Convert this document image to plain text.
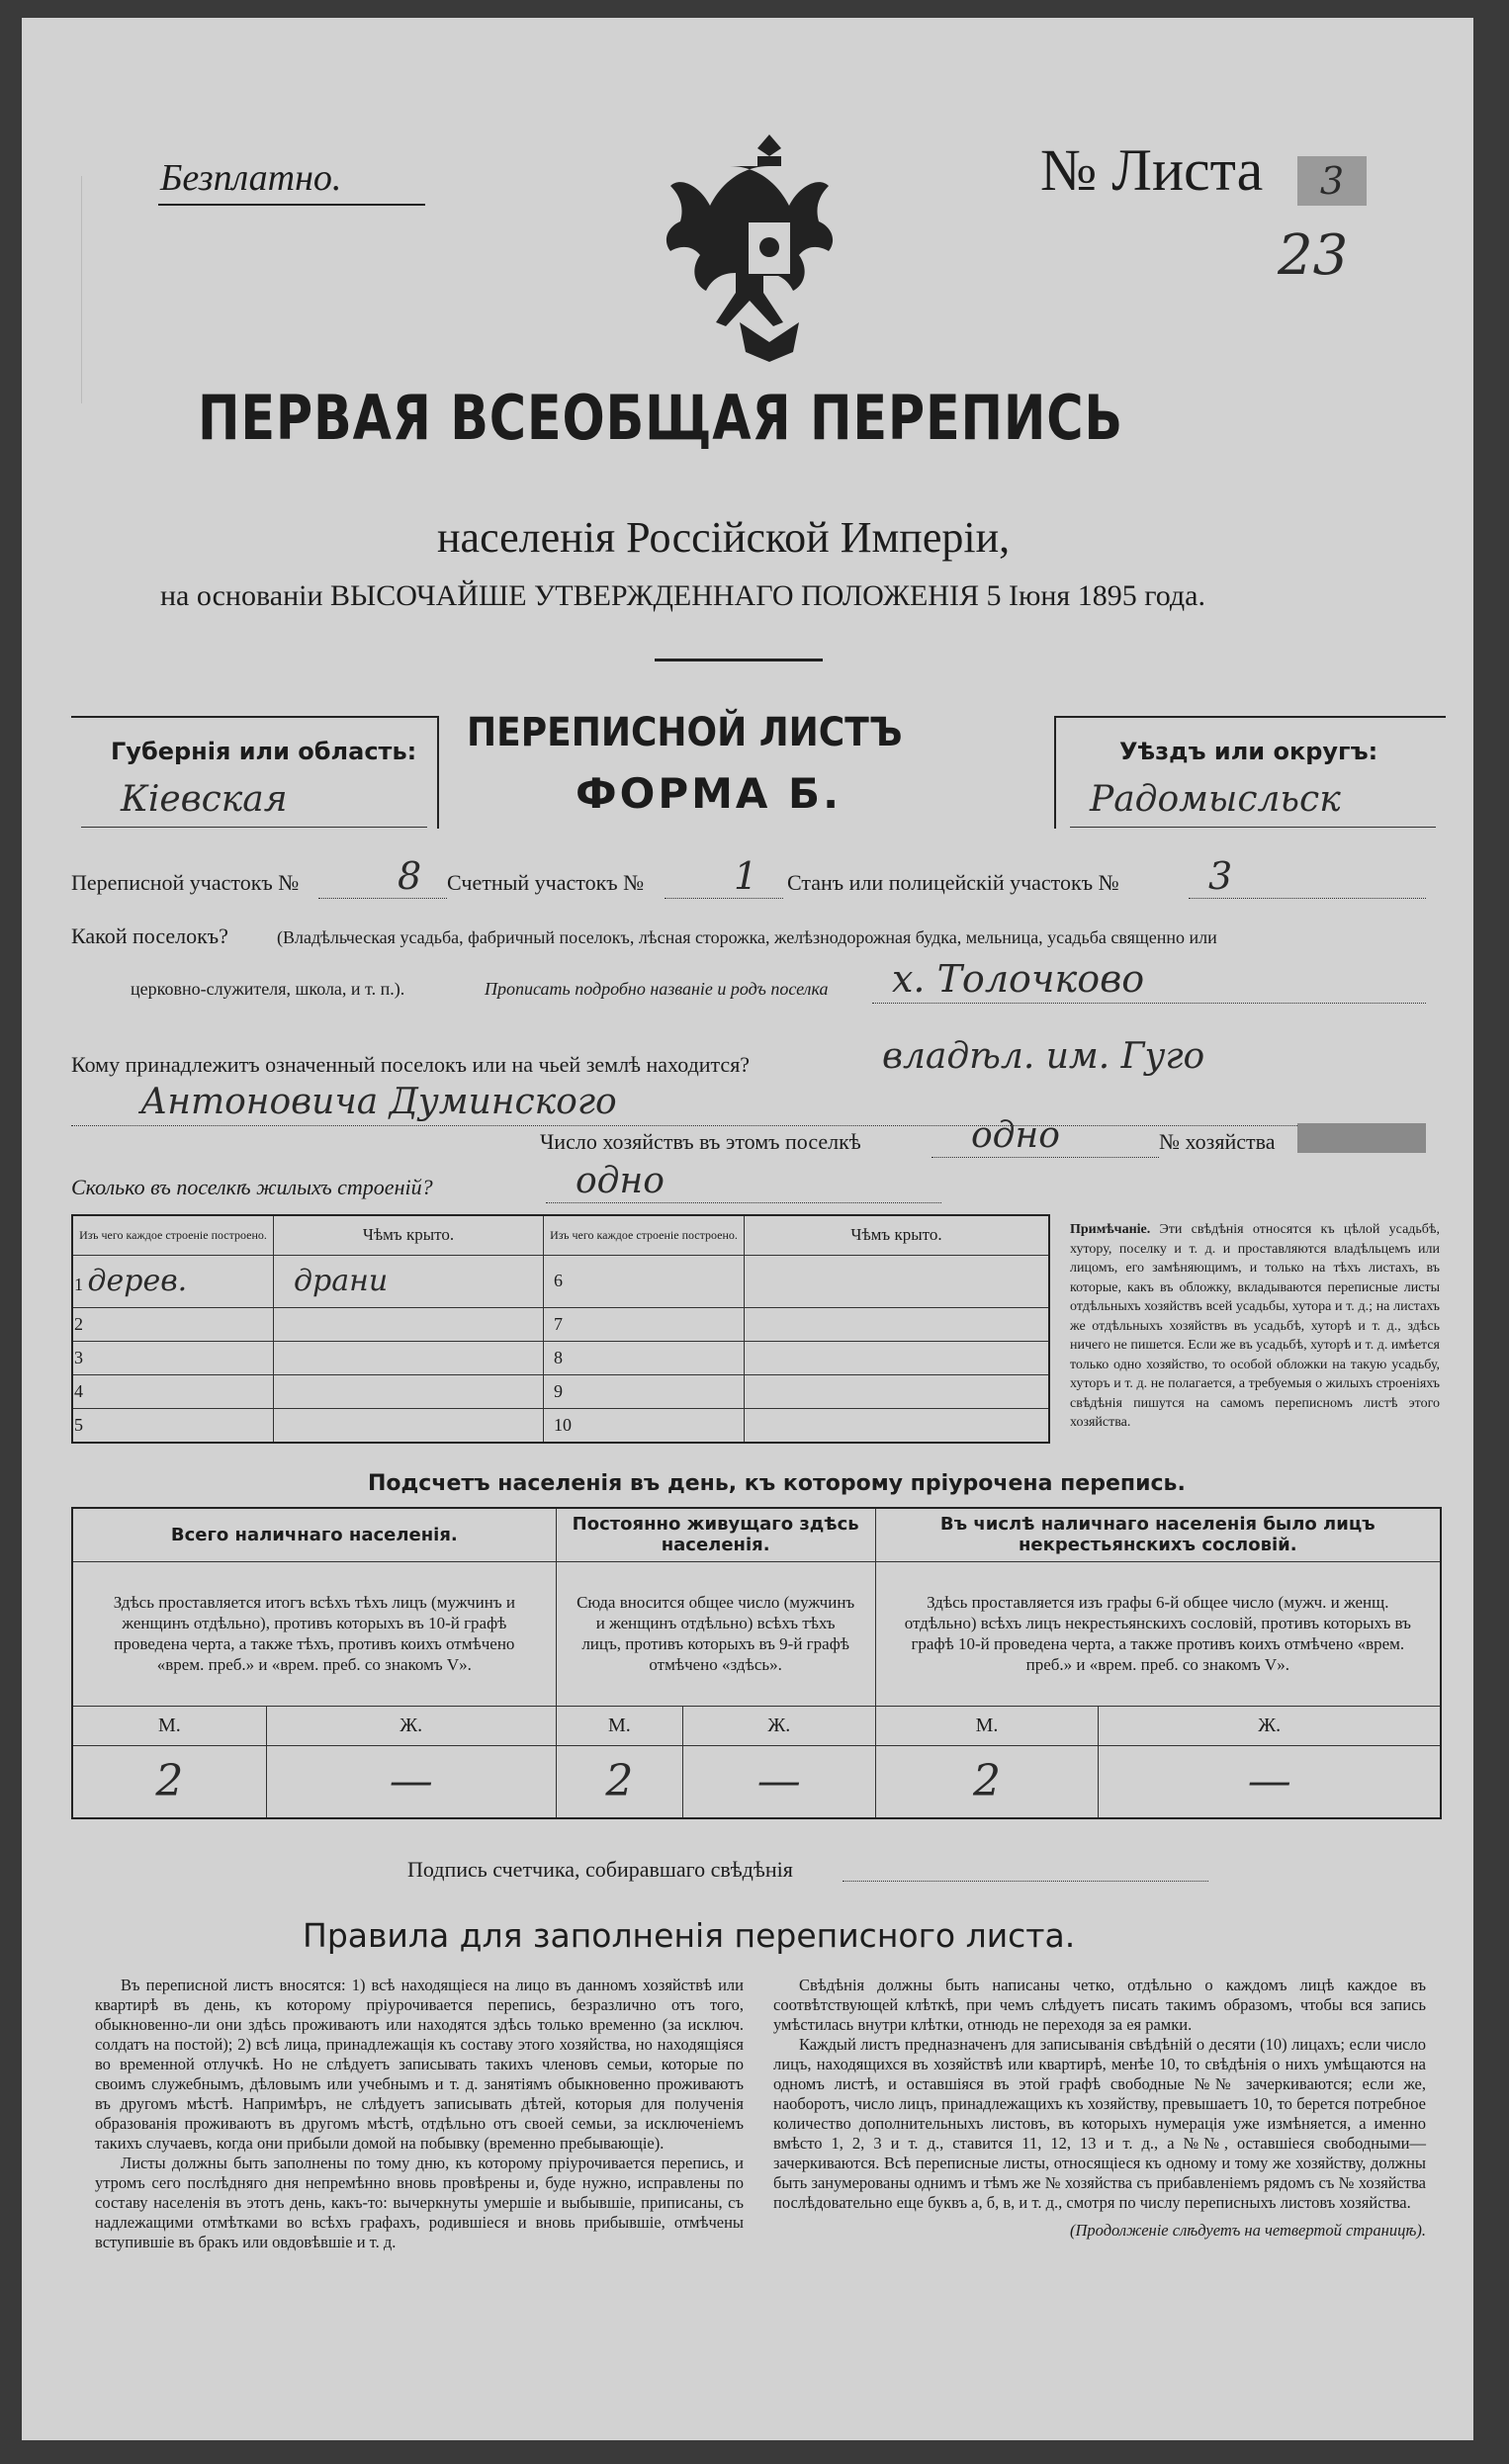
Безплатно.	№ Листа	3
23
ПЕРВАЯ ВСЕОБЩАЯ ПЕРЕПИСЬ
населенія Россійской Имперіи,
на основаніи ВЫСОЧАЙШЕ УТВЕРЖДЕННАГО ПОЛОЖЕНІЯ 5 Іюня 1895 года.
Губернія или область:
Кіевская
ПЕРЕПИСНОЙ ЛИСТЪ
ФОРМА Б.
Уѣздъ или округъ:
Радомысльск
Переписной участокъ №	8 Счетный участокъ № 1 Станъ или полицейскій участокъ № 3
Какой поселокъ?	(Владѣльческая усадьба, фабричный поселокъ, лѣсная сторожка, желѣзнодорожная будка, мельница, усадьба священно или
церковно-служителя, школа, и т. п.).	Прописать подробно названіе и родъ поселка х. Толочково
Кому принадлежитъ означенный поселокъ или на чьей землѣ находится?	владѣл. им. Гуго
Антоновича Думинского
Число хозяйствъ въ этомъ поселкѣ	одно	№ хозяйства
Сколько въ поселкѣ жилыхъ строеній?	одно
Изъ чего каждое строеніе построено.	Чѣмъ крыто.	Изъ чего каждое строеніе построено.	Чѣмъ крыто.
1 дерев.	драни	6	
2		7	
3		8	
4		9	
5		10	
Примѣчаніе. Эти свѣдѣнія относятся къ цѣлой усадьбѣ, хутору, поселку и т. д. и проставляются владѣльцемъ или лицомъ, его замѣняющимъ, и только на тѣхъ листахъ, въ которые, какъ въ обложку, вкладываются переписные листы отдѣльныхъ хозяйствъ всей усадьбы, хутора и т. д.; на листахъ же отдѣльныхъ хозяйствъ въ усадьбѣ, хуторѣ и т. д., здѣсь ничего не пишется. Если же въ усадьбѣ, хуторѣ и т. д. имѣется только одно хозяйство, то особой обложки на такую усадьбу, хуторъ и т. д. не полагается, а требуемыя о жилыхъ строеніяхъ свѣдѣнія пишутся на самомъ переписномъ листѣ этого хозяйства.
Подсчетъ населенія въ день, къ которому пріурочена перепись.
Всего наличнаго населенія.		Постоянно живущаго здѣсь населенія.		Въ числѣ наличнаго населенія было лицъ некрестьянскихъ сословій.	
Здѣсь проставляется итогъ всѣхъ тѣхъ лицъ (мужчинъ и женщинъ отдѣльно), противъ которыхъ въ 10-й графѣ проведена черта, а также тѣхъ, противъ коихъ отмѣчено «врем. преб.» и «врем. преб. со знакомъ V».		Сюда вносится общее число (мужчинъ и женщинъ отдѣльно) всѣхъ тѣхъ лицъ, противъ которыхъ въ 9-й графѣ отмѣчено «здѣсь».		Здѣсь проставляется изъ графы 6-й общее число (мужч. и женщ. отдѣльно) всѣхъ лицъ некрестьянскихъ сословій, противъ которыхъ въ графѣ 10-й проведена черта, а также противъ коихъ отмѣчено «врем. преб.» и «врем. преб. со знакомъ V».	
М.	Ж.	М.	Ж.	М.	Ж.
2	—	2	—	2	—
Подпись счетчика, собиравшаго свѣдѣнія
Правила для заполненія переписного листа.

Въ переписной листъ вносятся: 1) всѣ находящіеся на лицо въ данномъ хозяйствѣ или квартирѣ въ день, къ которому пріурочивается перепись, безразлично отъ того, обыкновенно-ли они здѣсь проживаютъ или находятся здѣсь только временно (за исключ. солдатъ на постой); 2) всѣ лица, принадлежащія къ составу этого хозяйства, но находящіяся во временной отлучкѣ. Но не слѣдуетъ записывать такихъ членовъ семьи, которые по своимъ служебнымъ, дѣловымъ или учебнымъ и т. д. занятіямъ обыкновенно проживаютъ въ другомъ мѣстѣ. Напримѣръ, не слѣдуетъ записывать дѣтей, которыя для полученія образованія проживаютъ въ другомъ мѣстѣ, отдѣльно отъ своей семьи, за исключеніемъ такихъ случаевъ, когда они прибыли домой на побывку (временно пребывающіе).

Листы должны быть заполнены по тому дню, къ которому пріурочивается перепись, и утромъ сего послѣдняго дня непремѣнно вновь провѣрены и, буде нужно, исправлены по составу населенія въ этотъ день, какъ-то: вычеркнуты умершіе и выбывшіе, приписаны, съ надлежащими отмѣтками во всѣхъ графахъ, родившіеся и вновь прибывшіе, отмѣчены вступившіе въ бракъ или овдовѣвшіе и т. д.

Свѣдѣнія должны быть написаны четко, отдѣльно о каждомъ лицѣ каждое въ соотвѣтствующей клѣткѣ, при чемъ слѣдуетъ писать такимъ образомъ, чтобы вся запись умѣстилась внутри клѣтки, отнюдь не переходя за ея рамки.

Каждый листъ предназначенъ для записыванія свѣдѣній о десяти (10) лицахъ; если число лицъ, находящихся въ хозяйствѣ или квартирѣ, менѣе 10, то свѣдѣнія о нихъ умѣщаются на одномъ листѣ, и оставшіяся въ этой графѣ свободные №№ зачеркиваются; если же, наоборотъ, число лицъ, принадлежащихъ къ хозяйству, превышаетъ 10, то берется потребное количество дополнительныхъ листовъ, въ которыхъ нумерація уже измѣняется, а именно вмѣсто 1, 2, 3 и т. д., ставится 11, 12, 13 и т. д., а №№, оставшіеся свободными—зачеркиваются. Всѣ переписные листы, относящіеся къ одному и тому же хозяйству, должны быть занумерованы однимъ и тѣмъ же № хозяйства съ прибавленіемъ рядомъ съ № хозяйства послѣдовательно еще буквъ а, б, в, и т. д., смотря по числу переписныхъ листовъ хозяйства.

(Продолженіе слѣдуетъ на четвертой страницѣ).
